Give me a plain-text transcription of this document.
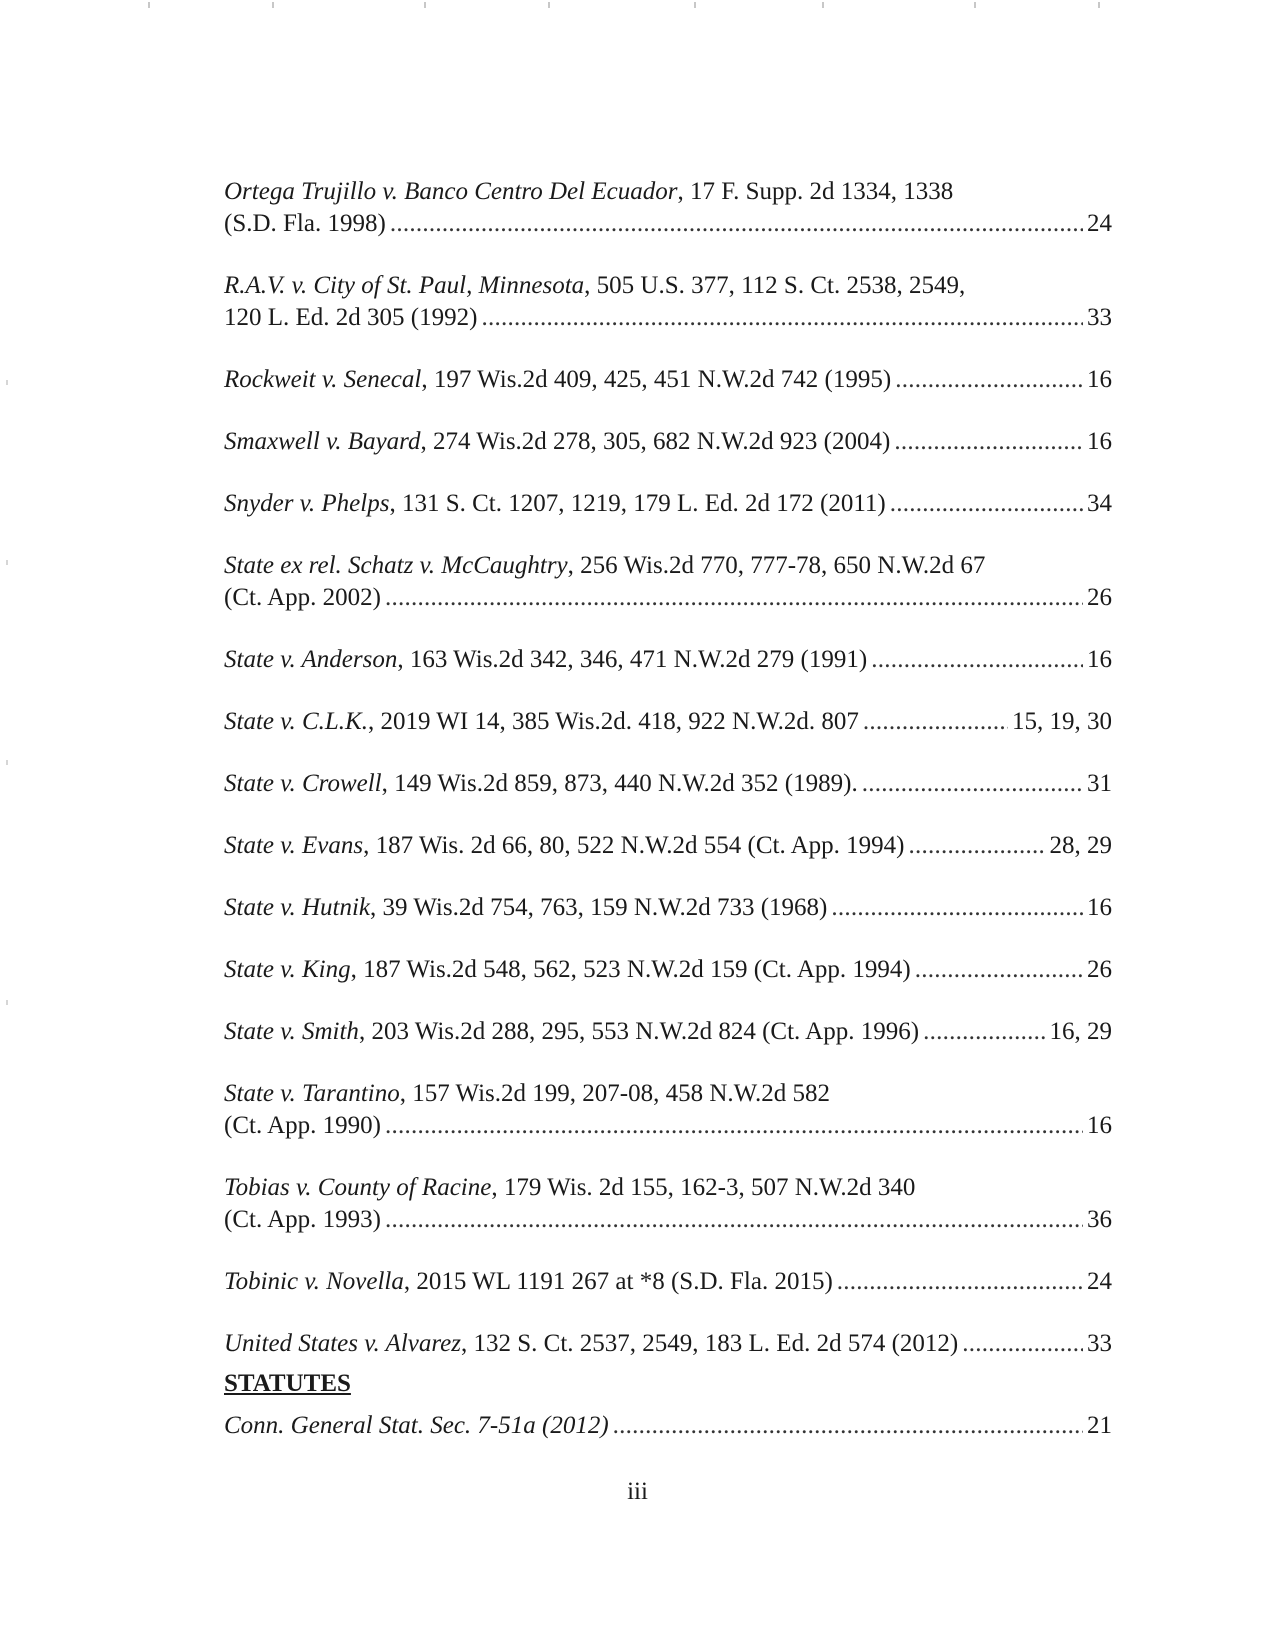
Ortega Trujillo v. Banco Centro Del Ecuador, 17 F. Supp. 2d 1334, 1338
(S.D. Fla. 1998) . . .	24
R.A.V. v. City of St. Paul, Minnesota, 505 U.S. 377, 112 S. Ct. 2538, 2549,
120 L. Ed. 2d 305 (1992) . . .	33
Rockweit v. Senecal, 197 Wis.2d 409, 425, 451 N.W.2d 742 (1995) . . .	16
Smaxwell v. Bayard, 274 Wis.2d 278, 305, 682 N.W.2d 923 (2004) . . .	16
Snyder v. Phelps, 131 S. Ct. 1207, 1219, 179 L. Ed. 2d 172 (2011) . . .	34
State ex rel. Schatz v. McCaughtry, 256 Wis.2d 770, 777-78, 650 N.W.2d 67
(Ct. App. 2002) . . .	26
State v. Anderson, 163 Wis.2d 342, 346, 471 N.W.2d 279 (1991) . . .	16
State v. C.L.K., 2019 WI 14, 385 Wis.2d. 418, 922 N.W.2d. 807 . . .	15, 19, 30
State v. Crowell, 149 Wis.2d 859, 873, 440 N.W.2d 352 (1989). . . .	31
State v. Evans, 187 Wis. 2d 66, 80, 522 N.W.2d 554 (Ct. App. 1994) . . .	28, 29
State v. Hutnik, 39 Wis.2d 754, 763, 159 N.W.2d 733 (1968) . . .	16
State v. King, 187 Wis.2d 548, 562, 523 N.W.2d 159 (Ct. App. 1994) . . .	26
State v. Smith, 203 Wis.2d 288, 295, 553 N.W.2d 824 (Ct. App. 1996) . . .	16, 29
State v. Tarantino, 157 Wis.2d 199, 207-08, 458 N.W.2d 582
(Ct. App. 1990) . . .	16
Tobias v. County of Racine, 179 Wis. 2d 155, 162-3, 507 N.W.2d 340
(Ct. App. 1993) . . .	36
Tobinic v. Novella, 2015 WL 1191 267 at *8 (S.D. Fla. 2015) . . .	24
United States v. Alvarez, 132 S. Ct. 2537, 2549, 183 L. Ed. 2d 574 (2012) . . .	33
STATUTES
Conn. General Stat. Sec. 7-51a (2012) . . .	21
iii
